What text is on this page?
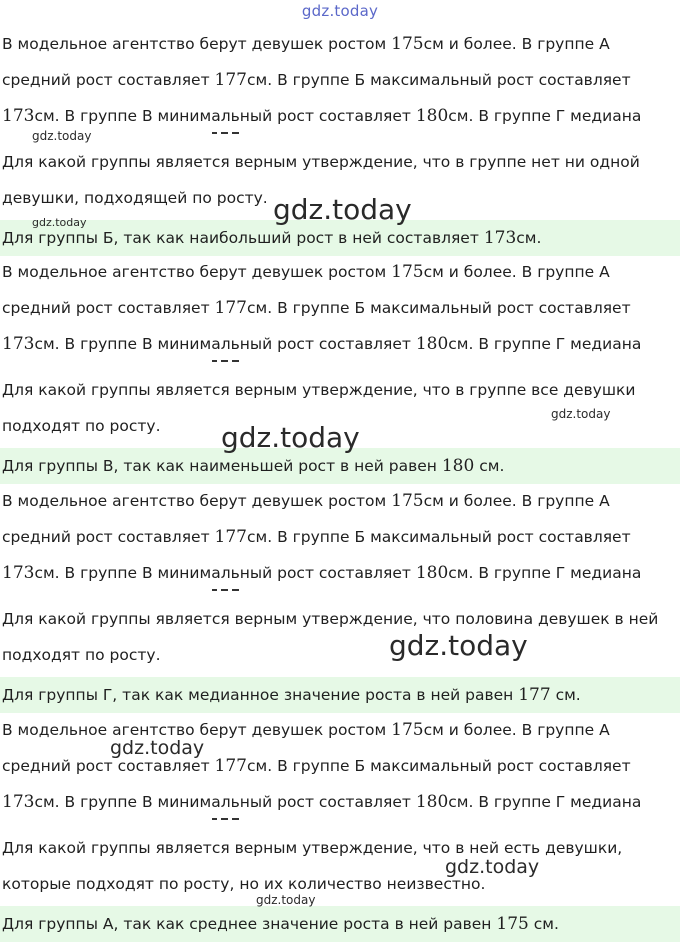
gdz.today
В модельное агентство берут девушек ростом 175см и более. В группе А
средний рост составляет 177см. В группе Б максимальный рост составляет
173см. В группе В минимальный рост составляет 180см. В группе Г медиана
Для какой группы является верным утверждение, что в группе нет ни одной
девушки, подходящей по росту.
Для группы Б, так как наибольший рост в ней составляет 173см.
В модельное агентство берут девушек ростом 175см и более. В группе А
средний рост составляет 177см. В группе Б максимальный рост составляет
173см. В группе В минимальный рост составляет 180см. В группе Г медиана
Для какой группы является верным утверждение, что в группе все девушки
подходят по росту.
Для группы В, так как наименьшей рост в ней равен 180 см.
В модельное агентство берут девушек ростом 175см и более. В группе А
средний рост составляет 177см. В группе Б максимальный рост составляет
173см. В группе В минимальный рост составляет 180см. В группе Г медиана
Для какой группы является верным утверждение, что половина девушек в ней
подходят по росту.
Для группы Г, так как медианное значение роста в ней равен 177 см.
В модельное агентство берут девушек ростом 175см и более. В группе А
средний рост составляет 177см. В группе Б максимальный рост составляет
173см. В группе В минимальный рост составляет 180см. В группе Г медиана
Для какой группы является верным утверждение, что в ней есть девушки,
которые подходят по росту, но их количество неизвестно.
Для группы А, так как среднее значение роста в ней равен 175 см.
gdz.today
gdz.today
gdz.today
gdz.today
gdz.today
gdz.today
gdz.today
gdz.today
gdz.today
